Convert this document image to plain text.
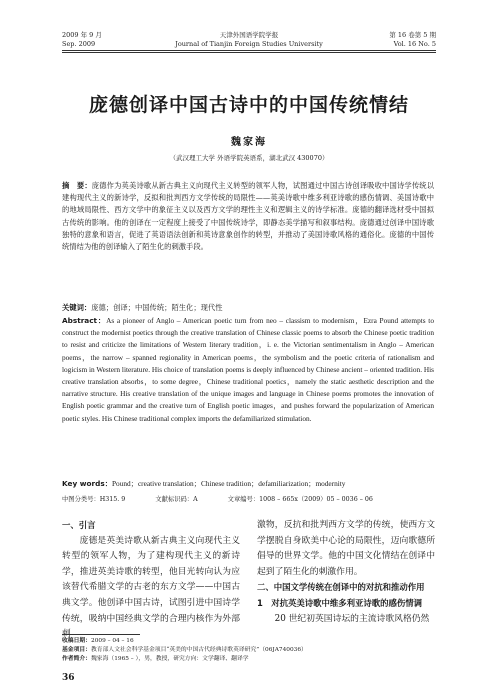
2009 年 9 月
Sep. 2009
天津外国语学院学报
Journal of Tianjin Foreign Studies University
第 16 卷第 5 期
Vol. 16 No. 5
庞德创译中国古诗中的中国传统情结
魏家海
（武汉理工大学 外语学院英语系，湖北武汉 430070）
摘　要：庞德作为英美诗歌从新古典主义向现代主义转型的领军人物，试图通过中国古诗创译吸收中国诗学传统以建构现代主义的新诗学，反拟和批判西方文学传统的局限性——英美诗歌中维多利亚诗歌的感伤情调、美国诗歌中的地域局限性、西方文学中的象征主义以及西方文学的理性主义和逻辑主义的诗学标准。庞德的翻译选材受中国拟古传统的影响。他的创译在一定程度上接受了中国传统诗学，即静态美学描写和叙事结构。庞德通过创译中国诗歌独特的意象和语言，促进了英语语法创新和英诗意象创作的转型，并推动了美国诗歌风格的通俗化。庞德的中国传统情结为他的创译输入了陌生化的刺激手段。
关键词：庞德；创译；中国传统；陌生化；现代性
Abstract：As a pioneer of Anglo – American poetic turn from neo – classism to modernism，Ezra Pound attempts to construct the modernist poetics through the creative translation of Chinese classic poems to absorb the Chinese poetic tradition to resist and criticize the limitations of Western literary tradition，i. e. the Victorian sentimentalism in Anglo – American poems，the narrow – spanned regionality in American poems，the symbolism and the poetic criteria of rationalism and logicism in Western literature. His choice of translation poems is deeply influenced by Chinese ancient – oriented tradition. His creative translation absorbs，to some degree，Chinese traditional poetics，namely the static aesthetic description and the narrative structure. His creative translation of the unique images and language in Chinese poems promotes the innovation of English poetic grammar and the creative turn of English poetic images，and pushes forward the popularization of American poetic styles. His Chinese traditional complex imports the defamiliarized stimulation.
Key words：Pound；creative translation；Chinese tradition；defamiliarization；modernity
中图分类号：H315. 9	文献标识码：A	文章编号：1008 – 665x（2009）05 – 0036 – 06
一、引言

庞德是英美诗歌从新古典主义向现代主义转型的领军人物，为了建构现代主义的新诗学，推进英美诗歌的转型，他目光转向认为应该替代希腊文学的古老的东方文学——中国古典文学。他创译中国古诗，试图引进中国诗学传统，吸纳中国经典文学的合理内核作为外部刺

激物，反抗和批判西方文学的传统，使西方文学摆脱自身欧美中心论的局限性，迈向歌德所倡导的世界文学。他的中国文化情结在创译中起到了陌生化的刺激作用。

二、中国文学传统在创译中的对抗和推动作用
1　对抗英美诗歌中维多利亚诗歌的感伤情调

20 世纪初英国诗坛的主流诗歌风格仍然

收稿日期：2009 – 04 – 16
基金项目：教育部人文社会科学基金项目“英美的中国古代经典诗歌英译研究”（06JA740036）
作者简介：魏家海（1965 – ），男，教授，研究方向：文学翻译、翻译学
36
